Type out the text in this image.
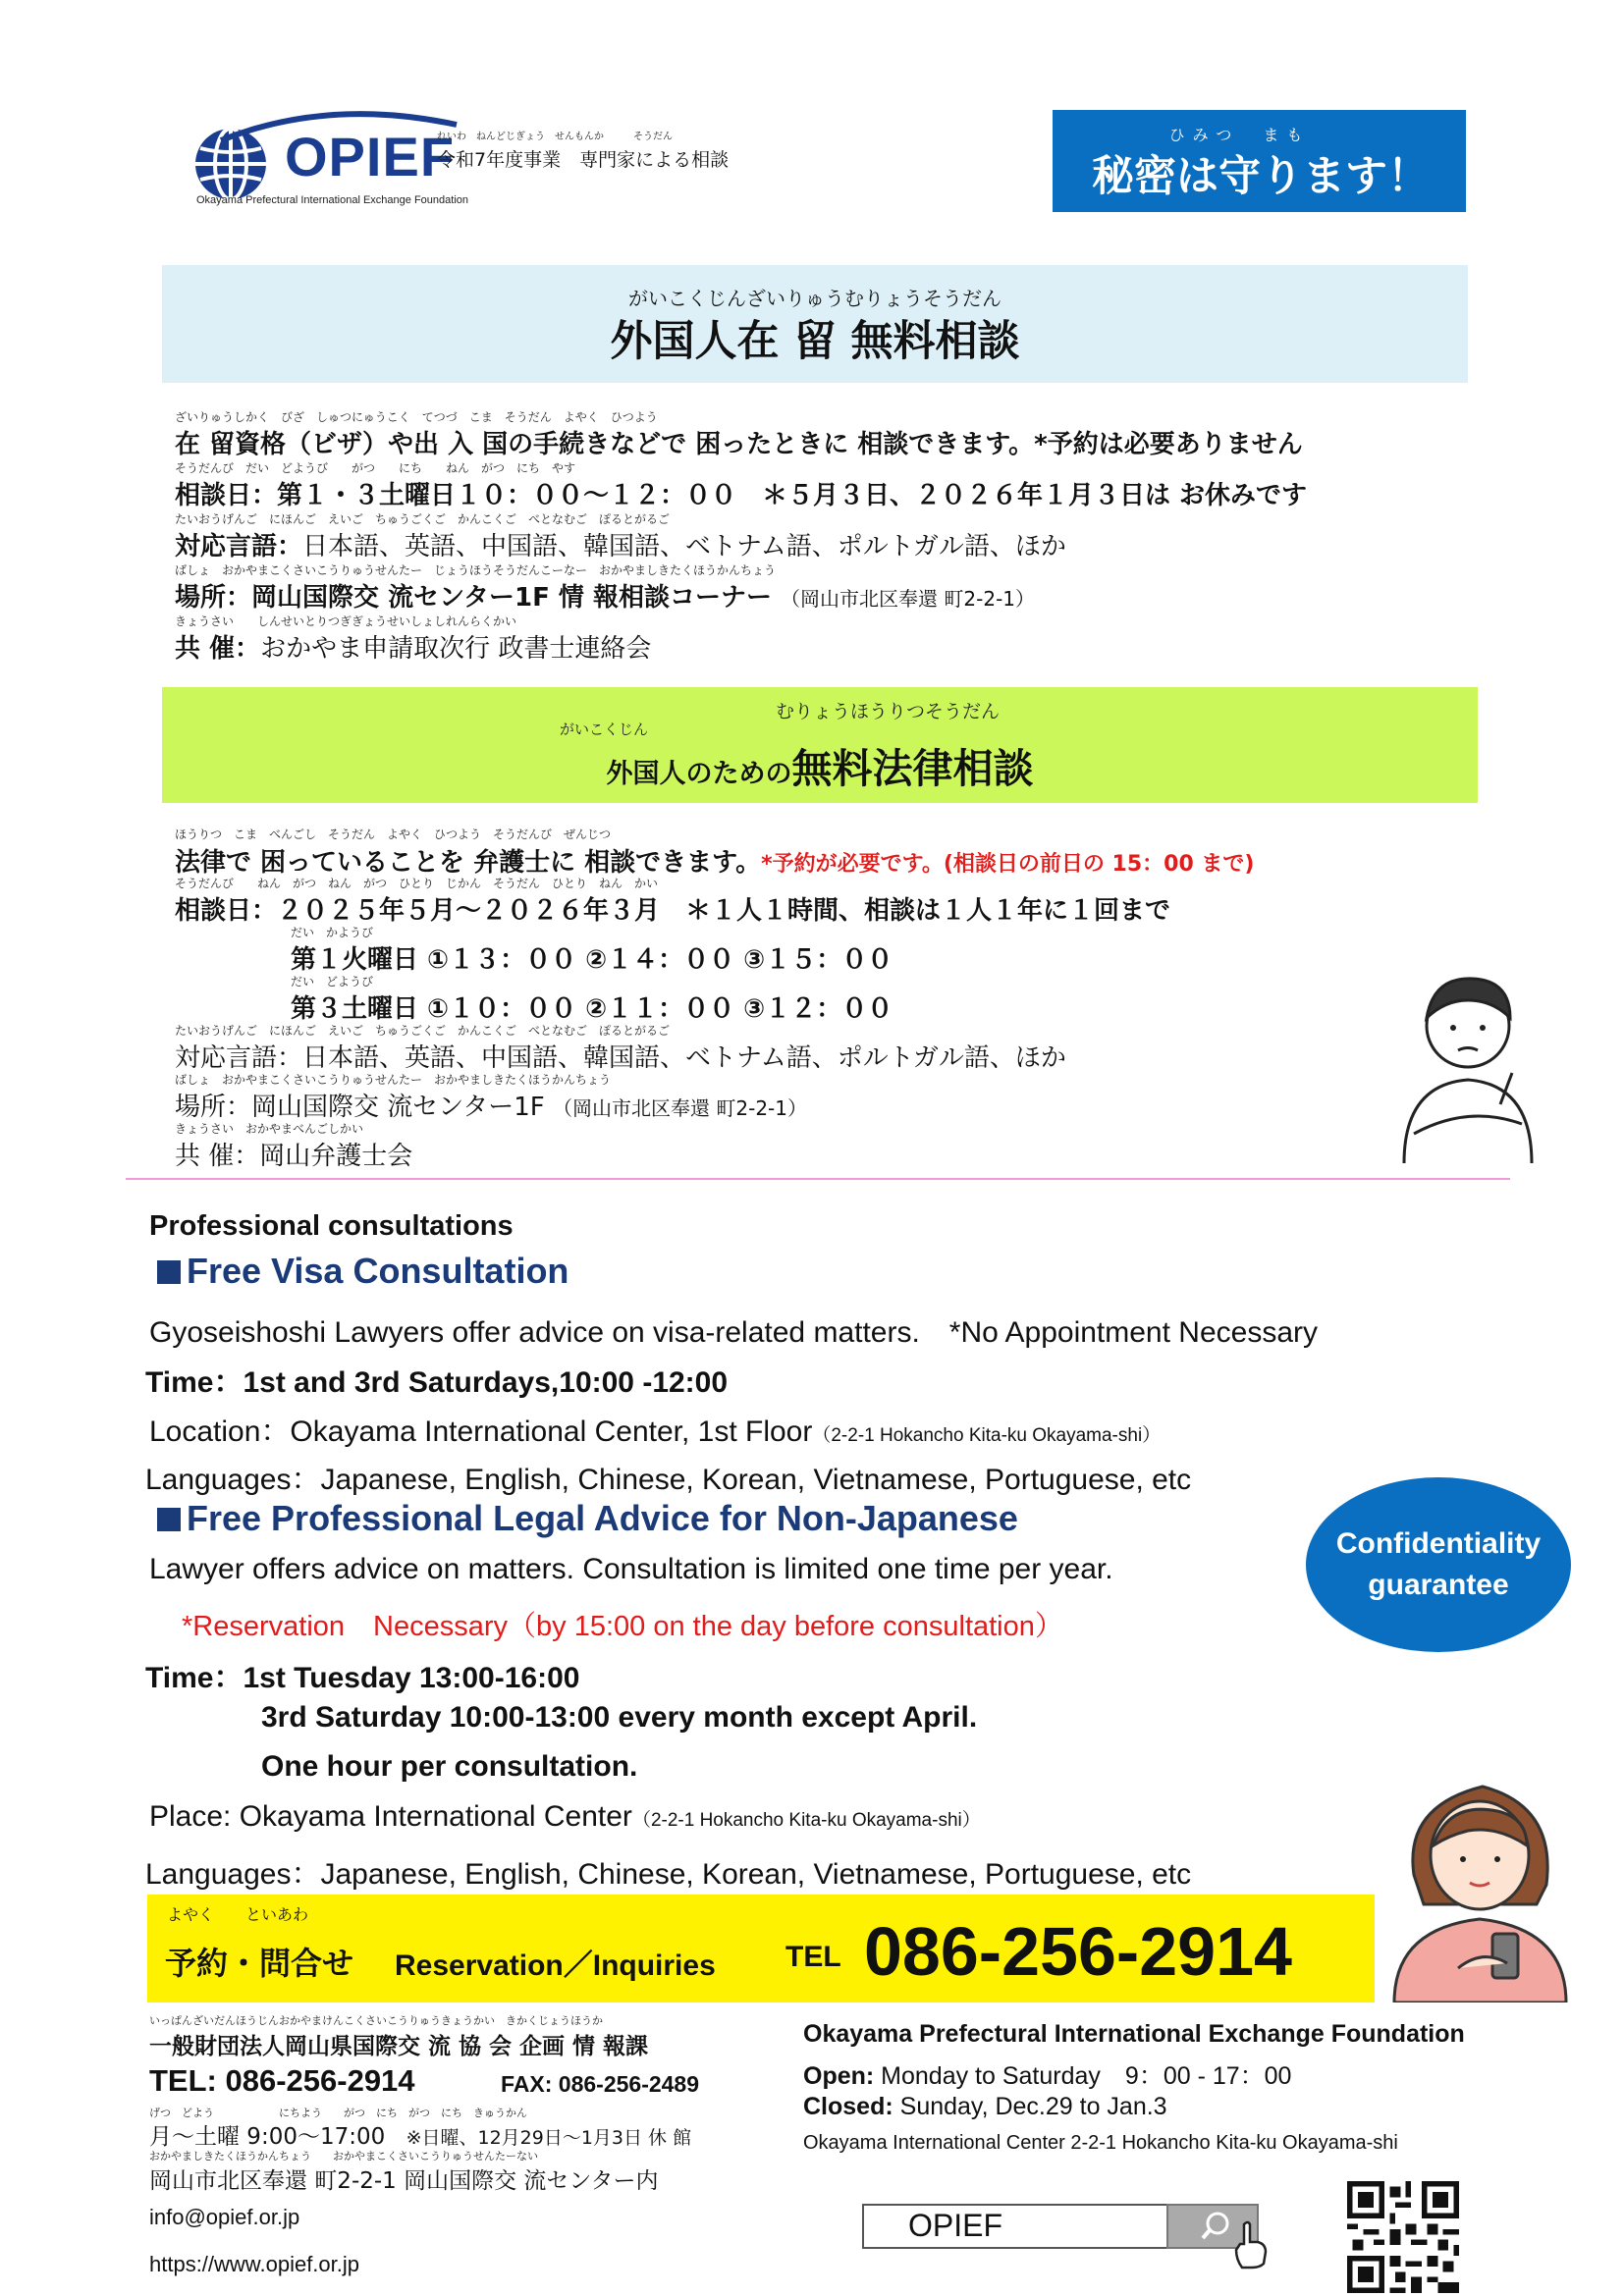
OPIEF
Okayama Prefectural International Exchange Foundation
れいわ　ねんどじぎょう　せんもんか　　　そうだん
令和7年度事業　専門家による相談
ひみつ　まも
秘密は守ります！
がいこくじんざいりゅうむりょうそうだん
外国人在 留 無料相談
ざいりゅうしかく　びざ　しゅつにゅうこく　てつづ　こま　そうだん　よやく　ひつよう
在 留資格（ビザ）や出 入 国の手続きなどで 困ったときに 相談できます。*予約は必要ありません
そうだんび　だい　どようび　　がつ　　にち　　ねん　がつ　にち　やす
相談日：第１・３土曜日１０：００～１２：００　＊５月３日、２０２６年１月３日は お休みです
たいおうげんご　にほんご　えいご　ちゅうごくご　かんこくご　べとなむご　ぽるとがるご
対応言語：日本語、英語、中国語、韓国語、ベトナム語、ポルトガル語、ほか
ばしょ　おかやまこくさいこうりゅうせんたー　じょうほうそうだんこーなー　おかやましきたくほうかんちょう
場所：岡山国際交 流センター1F 情 報相談コーナー （岡山市北区奉還 町2-2-1）
きょうさい　　しんせいとりつぎぎょうせいしょしれんらくかい
共 催：おかやま申請取次行 政書士連絡会
がいこくじん
むりょうほうりつそうだん
外国人のための無料法律相談
ほうりつ　こま　べんごし　そうだん　よやく　ひつよう　そうだんび　ぜんじつ
法律で 困っていることを 弁護士に 相談できます。*予約が必要です。(相談日の前日の 15：00 まで)
そうだんび　　ねん　がつ　ねん　がつ　ひとり　じかん　そうだん　ひとり　ねん　かい
相談日：２０２５年５月～２０２６年３月　＊１人１時間、相談は１人１年に１回まで
だい　かようび
第１火曜日 ①１３：００ ②１４：００ ③１５：００
だい　どようび
第３土曜日 ①１０：００ ②１１：００ ③１２：００
たいおうげんご　にほんご　えいご　ちゅうごくご　かんこくご　べとなむご　ぽるとがるご
対応言語：日本語、英語、中国語、韓国語、ベトナム語、ポルトガル語、ほか
ばしょ　おかやまこくさいこうりゅうせんたー　おかやましきたくほうかんちょう
場所：岡山国際交 流センター1F （岡山市北区奉還 町2-2-1）
きょうさい　おかやまべんごしかい
共 催：岡山弁護士会
Professional consultations
Free Visa Consultation
Gyoseishoshi Lawyers offer advice on visa-related matters.　*No Appointment Necessary
Time：1st and 3rd Saturdays,10:00 -12:00
Location：Okayama International Center, 1st Floor（2-2-1 Hokancho Kita-ku Okayama-shi）
Languages：Japanese, English, Chinese, Korean, Vietnamese, Portuguese, etc
Free Professional Legal Advice for Non-Japanese
Lawyer offers advice on matters. Consultation is limited one time per year.
*Reservation　Necessary（by 15:00 on the day before consultation）
Time：1st Tuesday 13:00-16:00
3rd Saturday 10:00-13:00 every month except April.
One hour per consultation.
Place: Okayama International Center（2-2-1 Hokancho Kita-ku Okayama-shi）
Languages：Japanese, English, Chinese, Korean, Vietnamese, Portuguese, etc
Confidentiality guarantee
よやく　　といあわ
予約・問合せ Reservation／Inquiries TEL 086-256-2914
いっぱんざいだんほうじんおかやまけんこくさいこうりゅうきょうかい　きかくじょうほうか
一般財団法人岡山県国際交 流 協 会 企画 情 報課
TEL: 086-256-2914	FAX: 086-256-2489
げつ　どよう　　　　　　にちよう　　がつ　にち　がつ　にち　きゅうかん
月～土曜 9:00～17:00 ※日曜、12月29日～1月3日 休 館
おかやましきたくほうかんちょう　　おかやまこくさいこうりゅうせんたーない
岡山市北区奉還 町2-2-1 岡山国際交 流センター内
info@opief.or.jp
https://www.opief.or.jp
Okayama Prefectural International Exchange Foundation
Open: Monday to Saturday　9：00 - 17：00
Closed: Sunday, Dec.29 to Jan.3
Okayama International Center 2-2-1 Hokancho Kita-ku Okayama-shi
OPIEF
